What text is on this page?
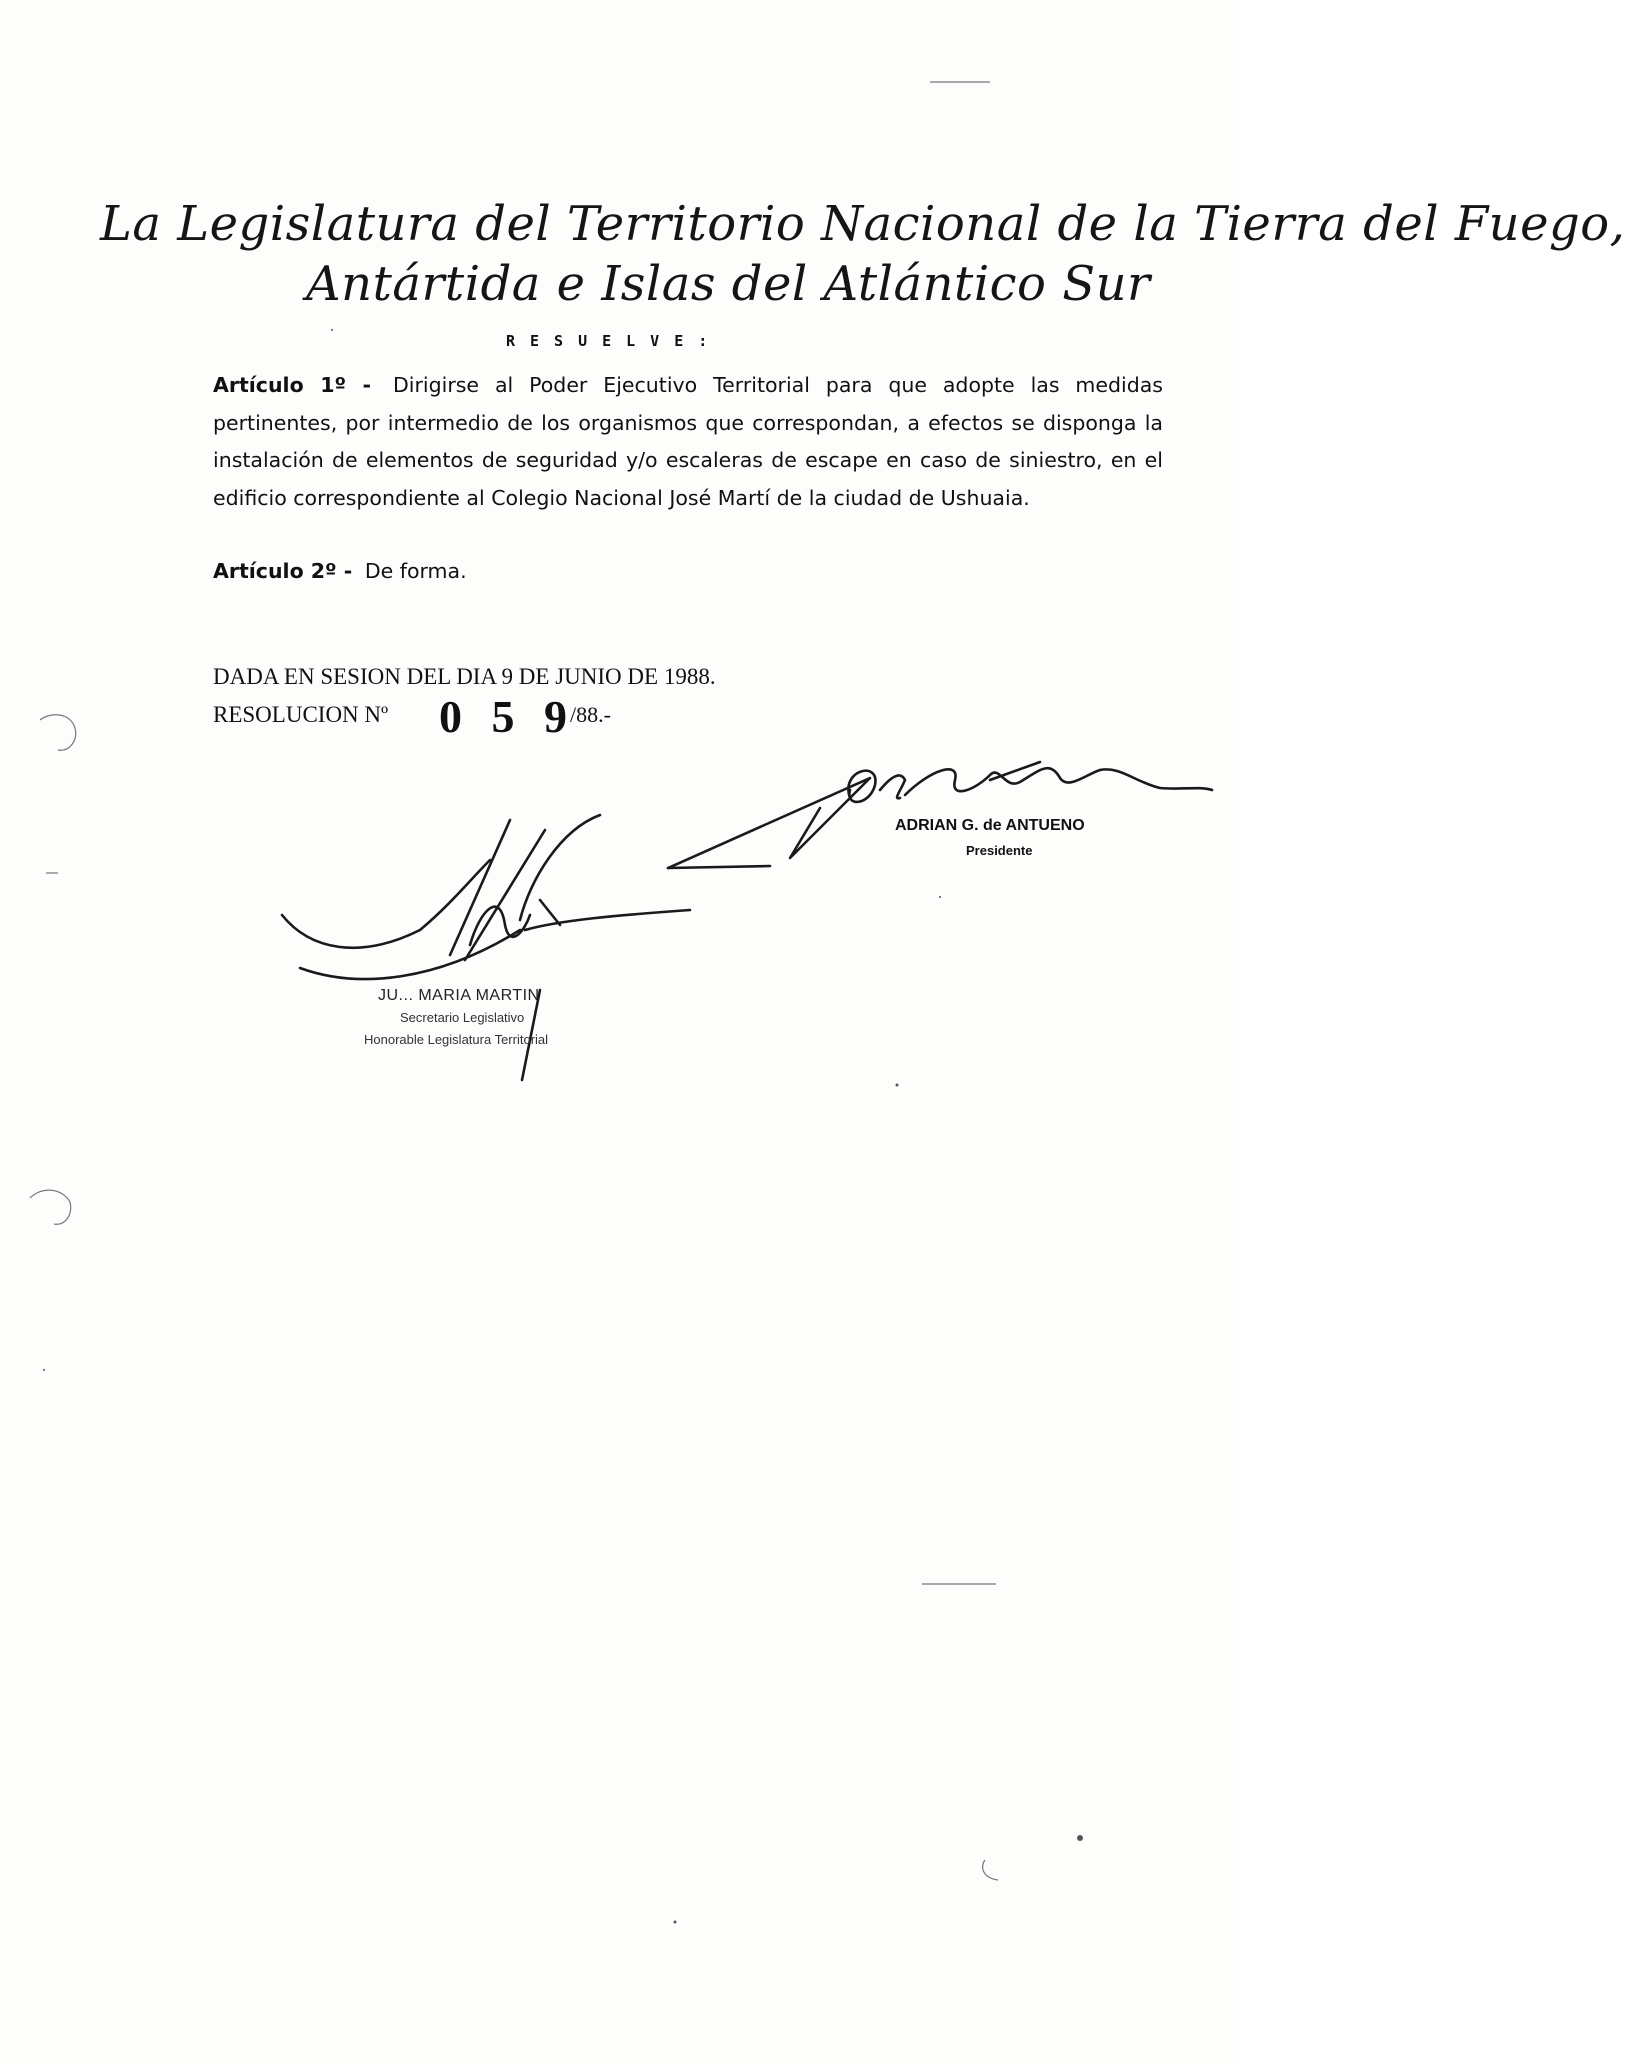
La Legislatura del Territorio Nacional de la Tierra del Fuego,
Antártida e Islas del Atlántico Sur
RESUELVE:
Artículo 1º - Dirigirse al Poder Ejecutivo Territorial para que adopte las medidas pertinentes, por intermedio de los organismos que correspondan, a efectos se disponga la instalación de elementos de seguridad y/o escaleras de escape en caso de siniestro, en el edificio correspondiente al Colegio Nacional José Martí de la ciudad de Ushuaia.
Artículo 2º - De forma.
DADA EN SESION DEL DIA 9 DE JUNIO DE 1988.
RESOLUCION Nº 0 5 9
/88.-
ADRIAN G. de ANTUENO
Presidente
JU... MARIA MARTIN
Secretario Legislativo
Honorable Legislatura Territorial
